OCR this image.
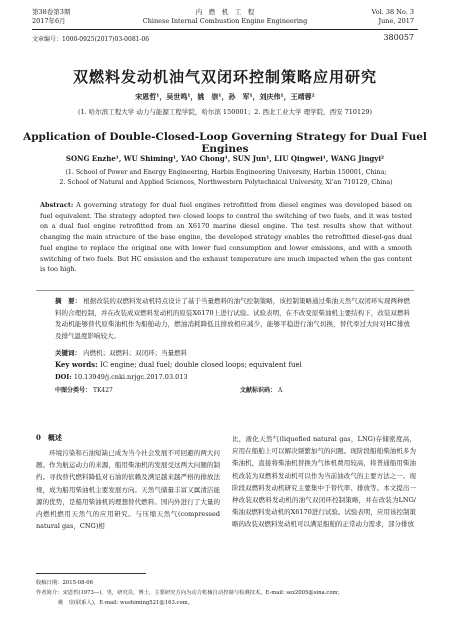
第38卷第3期
2017年6月
内　燃　机　工　程
Chinese Internal Combustion Engine Engineering
Vol. 38 No. 3
June, 2017
文章编号：1000-0925(2017)03-0081-06	380057
双燃料发动机油气双闭环控制策略应用研究
宋恩哲¹，吴世鸣¹，姚　崇¹，孙　军¹，刘庆伟¹，王靖蓉²
(1. 哈尔滨工程大学 动力与能源工程学院，哈尔滨 150001；2. 西北工业大学 理学院，西安 710129)
Application of Double-Closed-Loop Governing Strategy for Dual Fuel Engines
SONG Enzhe¹, WU Shiming¹, YAO Chong¹, SUN Jun¹, LIU Qingwei¹, WANG Jingyi²
(1. School of Power and Energy Engineering, Harbin Engineering University, Harbin 150001, China;
2. School of Natural and Applied Sciences, Northwestern Polytechnical University, Xi'an 710129, China)
Abstract: A governing strategy for dual fuel engines retrofitted from diesel engines was developed based on fuel equivalent. The strategy adopted two closed loops to control the switching of two fuels, and it was tested on a dual fuel engine retrofitted from an X6170 marine diesel engine. The test results show that without changing the main structure of the base engine, the developed strategy enables the retrofitted diesel-gas dual fuel engine to replace the original one with lower fuel consumption and lower emissions, and with a smooth switching of two fuels. But HC emission and the exhaust temperature are much impacted when the gas content is too high.
摘　要： 根据改装的双燃料发动机特点设计了基于当量燃料的油气控制策略，该控制策略通过柴油天然气双闭环实现两种燃料的合理控制，并在改装成双燃料发动机的原装X6170上进行试验。试验表明，在不改变原柴油机主要结构下，改装双燃料发动机能够替代原柴油机作为船舶动力，燃油消耗降低且排放相应减少，能够平稳进行油气切换，替代率过大时对HC排放及排气温度影响较大。
关键词： 内燃机；双燃料；双闭环；当量燃料
Key words: IC engine; dual fuel; double closed loops; equivalent fuel
DOI: 10.13949/j.cnki.nrjgc.2017.03.013
中图分类号： TK427	文献标识码： A
0　概述
环境污染和石油短缺已成为当今社会发展不可回避的两大问题。作为航运动力的来源，船用柴油机的发展受这两大问题的制约。寻找替代燃料降低对石油的依赖及满足越来越严格的排放法规，成为船用柴油机主要发展方向。天然气储量丰富又属清洁能源的优势，是船用柴油机的理想替代燃料。国内外进行了大量的内燃机燃用天然气的应用研究。与压缩天然气(compressed natural gas，CNG)相
比，液化天然气(liquefied natural gas，LNG)存储密度高，应用在船舶上可以解决频繁加气的问题。现阶段船舶柴油机多为柴油机，直接将柴油机替换为气体机费用较高，将普通船用柴油机改装为双燃料发动机可以作为当前油改气的主要方法之一。现阶段双燃料发动机研究主要集中于替代率、排放等。本文提出一种改装双燃料发动机的油气双闭环控制策略，并在改装为LNG/柴油双燃料发动机的X6170进行试验。试验表明，应用该控制策略的改装双燃料发动机可以满足船舶的正常动力需求，部分排放
收稿日期：2015-08-06
作者简介：宋恩哲(1973—)，男，研究员，博士，主要研究方向为动力机械自动控制与检测技术。E-mail: sez2005@sina.com；
姚　崇(联系人)，E-mail: wushiming521@163.com。
